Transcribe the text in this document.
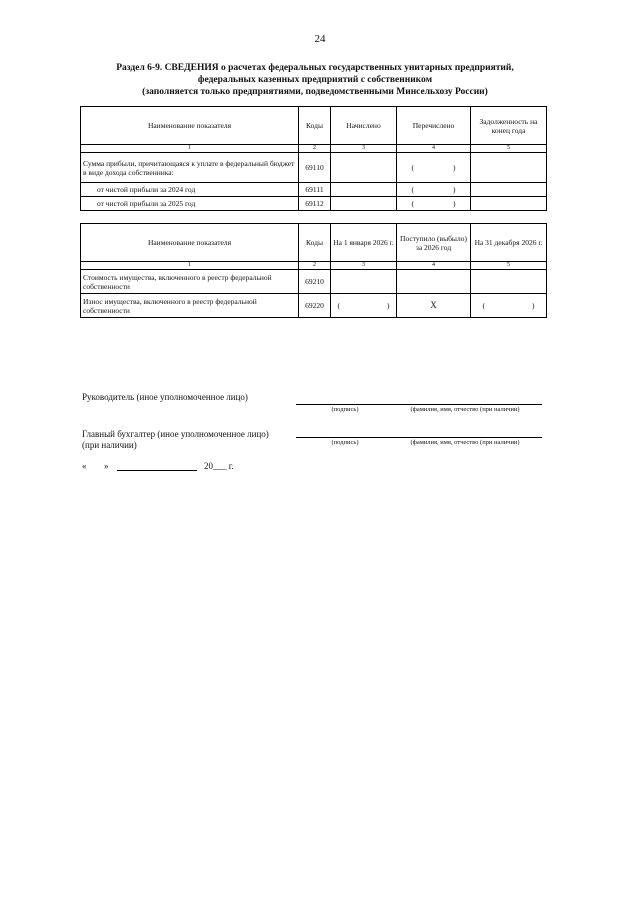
24
Раздел 6-9. СВЕДЕНИЯ о расчетах федеральных государственных унитарных предприятий,
федеральных казенных предприятий с собственником
(заполняется только предприятиями, подведомственными Минсельхозу России)
Наименование показателя	Коды	Начислено	Перечислено	Задолженность на конец года
1	2	3	4	5
Сумма прибыли, причитающаяся к уплате в федеральный бюджет в виде дохода собственника:	69110		( )	

от чистой прибыли за 2024 год	69111		( )	

от чистой прибыли за 2025 год	69112		( )	

Наименование показателя	Коды	На 1 января 2026 г.	Поступило (выбыло) за 2026 год	На 31 декабря 2026 г.
1	2	3	4	5
Стоимость имущества, включенного в реестр федеральной собственности	69210			
Износ имущества, включенного в реестр федеральной собственности	69220	( )	X	( )
Руководитель (иное уполномоченное лицо)
(подпись)	(фамилия, имя, отчество (при наличии)
Главный бухгалтер (иное уполномоченное лицо)
(при наличии)	(подпись)	(фамилия, имя, отчество (при наличии)
« »	20___ г.
